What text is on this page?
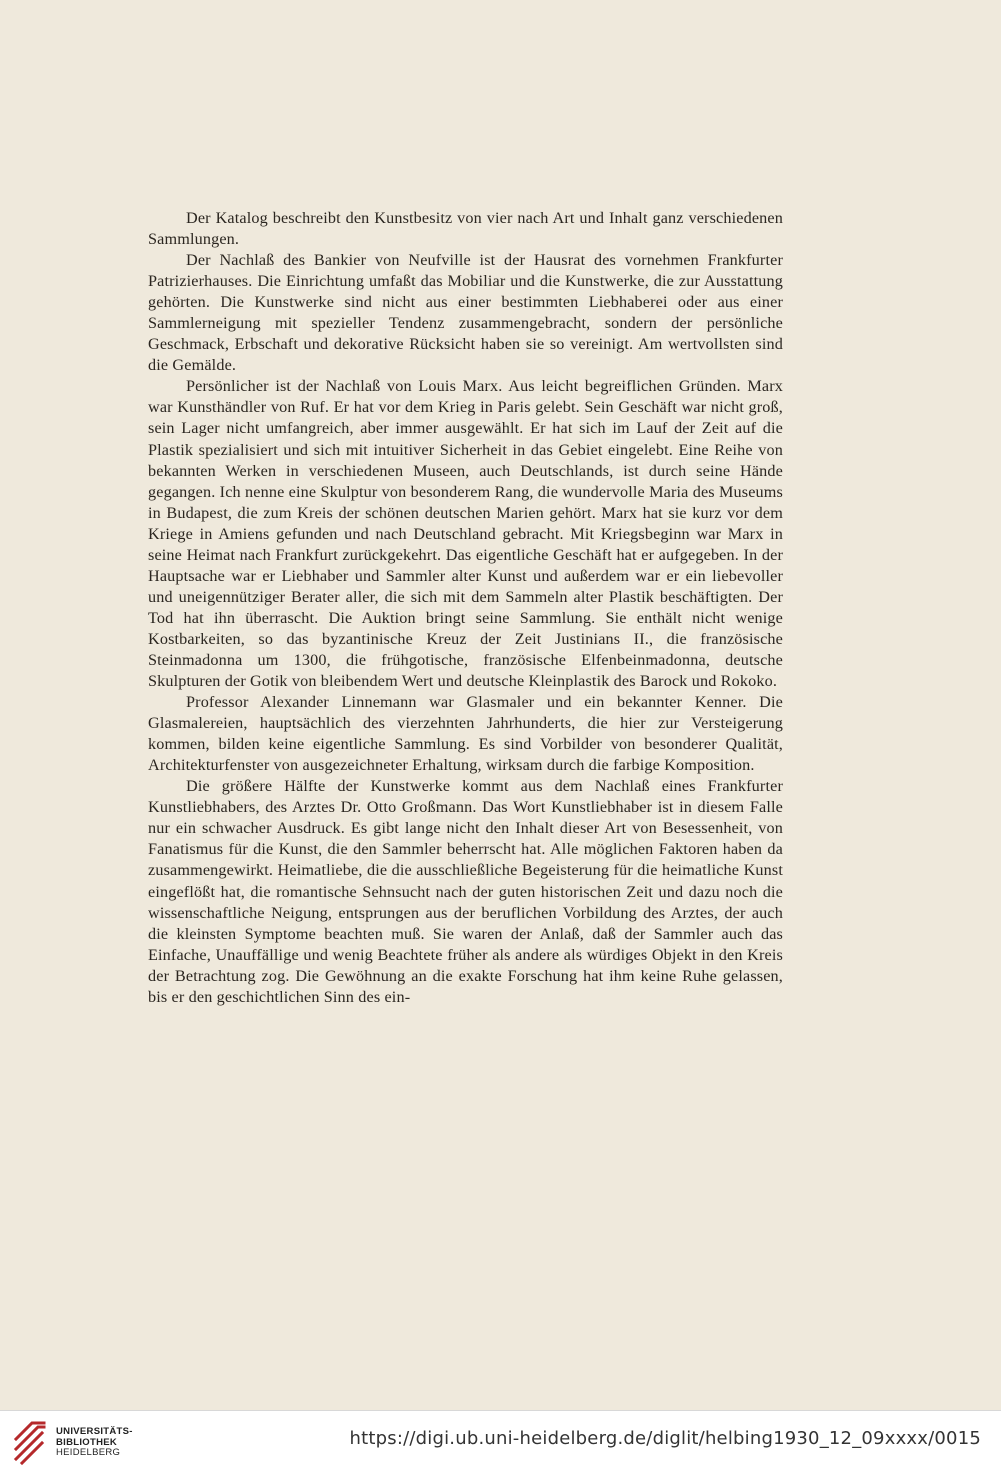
Der Katalog beschreibt den Kunstbesitz von vier nach Art und Inhalt ganz verschiedenen Sammlungen.

Der Nachlaß des Bankier von Neufville ist der Hausrat des vornehmen Frankfurter Patrizierhauses. Die Einrichtung umfaßt das Mobiliar und die Kunstwerke, die zur Ausstattung gehörten. Die Kunstwerke sind nicht aus einer bestimmten Liebhaberei oder aus einer Sammlerneigung mit spezieller Tendenz zusammengebracht, sondern der persönliche Geschmack, Erbschaft und dekorative Rücksicht haben sie so vereinigt. Am wertvollsten sind die Gemälde.

Persönlicher ist der Nachlaß von Louis Marx. Aus leicht begreiflichen Gründen. Marx war Kunsthändler von Ruf. Er hat vor dem Krieg in Paris gelebt. Sein Geschäft war nicht groß, sein Lager nicht umfangreich, aber immer ausgewählt. Er hat sich im Lauf der Zeit auf die Plastik spezialisiert und sich mit intuitiver Sicherheit in das Gebiet eingelebt. Eine Reihe von bekannten Werken in verschiedenen Museen, auch Deutschlands, ist durch seine Hände gegangen. Ich nenne eine Skulptur von besonderem Rang, die wundervolle Maria des Museums in Budapest, die zum Kreis der schönen deutschen Marien gehört. Marx hat sie kurz vor dem Kriege in Amiens gefunden und nach Deutschland gebracht. Mit Kriegsbeginn war Marx in seine Heimat nach Frankfurt zurückgekehrt. Das eigentliche Geschäft hat er aufgegeben. In der Hauptsache war er Liebhaber und Sammler alter Kunst und außerdem war er ein liebevoller und uneigennütziger Berater aller, die sich mit dem Sammeln alter Plastik beschäftigten. Der Tod hat ihn überrascht. Die Auktion bringt seine Sammlung. Sie enthält nicht wenige Kostbarkeiten, so das byzantinische Kreuz der Zeit Justinians II., die französische Steinmadonna um 1300, die frühgotische, französische Elfenbeinmadonna, deutsche Skulpturen der Gotik von bleibendem Wert und deutsche Kleinplastik des Barock und Rokoko.

Professor Alexander Linnemann war Glasmaler und ein bekannter Kenner. Die Glasmalereien, hauptsächlich des vierzehnten Jahrhunderts, die hier zur Versteigerung kommen, bilden keine eigentliche Sammlung. Es sind Vorbilder von besonderer Qualität, Architekturfenster von ausgezeichneter Erhaltung, wirksam durch die farbige Komposition.

Die größere Hälfte der Kunstwerke kommt aus dem Nachlaß eines Frankfurter Kunstliebhabers, des Arztes Dr. Otto Großmann. Das Wort Kunstliebhaber ist in diesem Falle nur ein schwacher Ausdruck. Es gibt lange nicht den Inhalt dieser Art von Besessenheit, von Fanatismus für die Kunst, die den Sammler beherrscht hat. Alle möglichen Faktoren haben da zusammengewirkt. Heimatliebe, die die ausschließliche Begeisterung für die heimatliche Kunst eingeflößt hat, die romantische Sehnsucht nach der guten historischen Zeit und dazu noch die wissenschaftliche Neigung, entsprungen aus der beruflichen Vorbildung des Arztes, der auch die kleinsten Symptome beachten muß. Sie waren der Anlaß, daß der Sammler auch das Einfache, Unauffällige und wenig Beachtete früher als andere als würdiges Objekt in den Kreis der Betrachtung zog. Die Gewöhnung an die exakte Forschung hat ihm keine Ruhe gelassen, bis er den geschichtlichen Sinn des ein-

UNIVERSITÄTS-
BIBLIOTHEK
HEIDELBERG
https://digi.ub.uni-heidelberg.de/diglit/helbing1930_12_09xxxx/0015
